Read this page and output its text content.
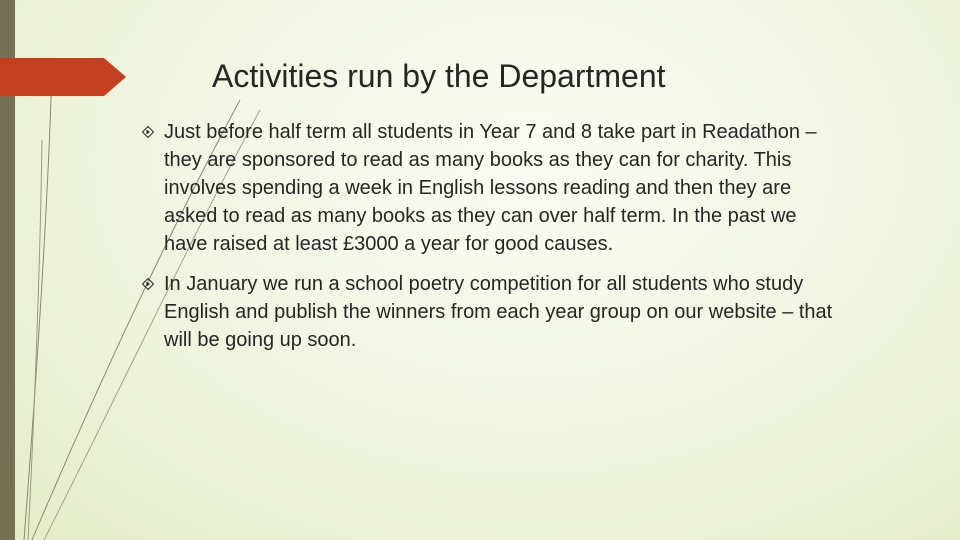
Activities run by the Department
Just before half term all students in Year 7 and 8 take part in Readathon – they are sponsored to read as many books as they can for charity. This involves spending a week in English lessons reading and then they are asked to read as many books as they can over half term. In the past we have raised at least £3000 a year for good causes.
In January we run a school poetry competition for all students who study English and publish the winners from each year group on our website – that will be going up soon.
